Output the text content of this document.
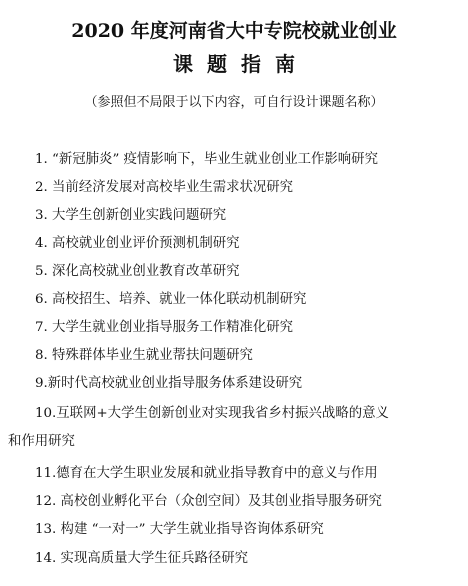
2020 年度河南省大中专院校就业创业
课题指南
（参照但不局限于以下内容，可自行设计课题名称）
1. “新冠肺炎” 疫情影响下，毕业生就业创业工作影响研究
2. 当前经济发展对高校毕业生需求状况研究
3. 大学生创新创业实践问题研究
4. 高校就业创业评价预测机制研究
5. 深化高校就业创业教育改革研究
6. 高校招生、培养、就业一体化联动机制研究
7. 大学生就业创业指导服务工作精准化研究
8. 特殊群体毕业生就业帮扶问题研究
9.新时代高校就业创业指导服务体系建设研究
10.互联网+大学生创新创业对实现我省乡村振兴战略的意义
和作用研究
11.德育在大学生职业发展和就业指导教育中的意义与作用
12. 高校创业孵化平台（众创空间）及其创业指导服务研究
13. 构建 “一对一” 大学生就业指导咨询体系研究
14. 实现高质量大学生征兵路径研究
